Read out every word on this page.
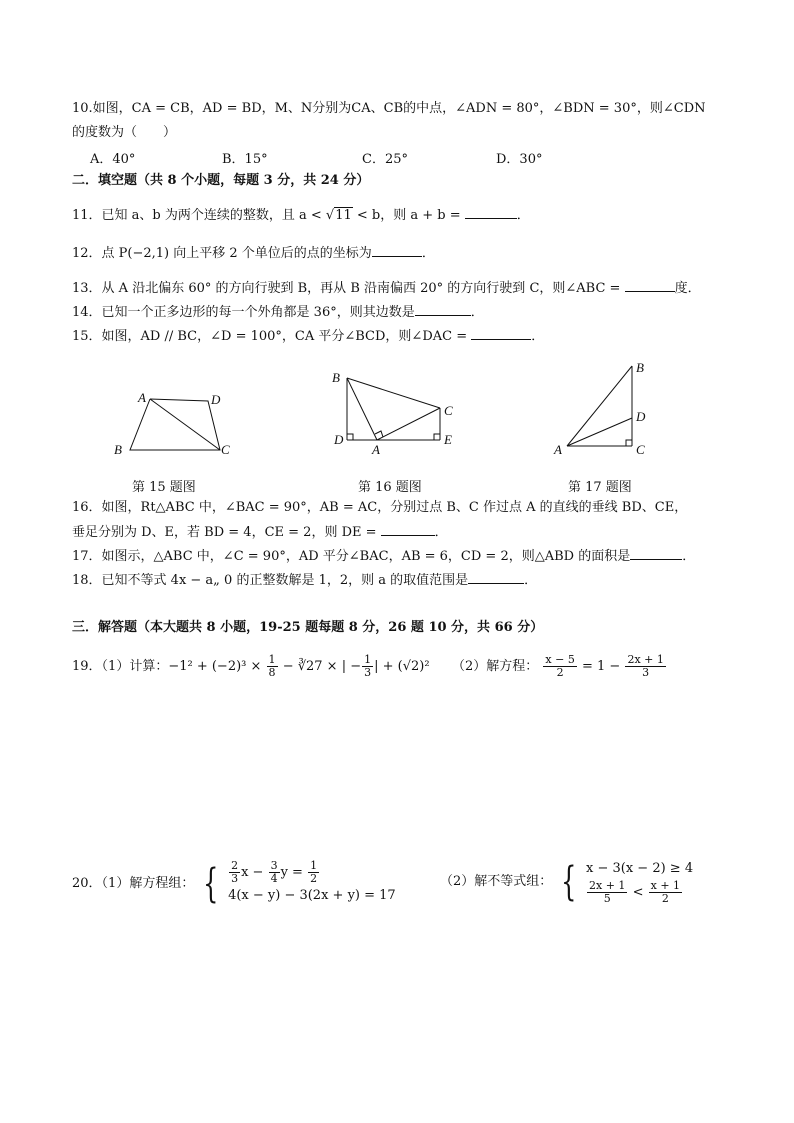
10.如图，CA = CB，AD = BD，M、N分别为CA、CB的中点，∠ADN = 80°，∠BDN = 30°，则∠CDN
的度数为（　　）
A．40°	B．15°	C．25°	D．30°
二．填空题（共 8 个小题，每题 3 分，共 24 分）
11．已知 a、b 为两个连续的整数，且 a < √11 < b，则 a + b =	．
12．点 P(−2,1) 向上平移 2 个单位后的点的坐标为	．
13．从 A 沿北偏东 60° 的方向行驶到 B，再从 B 沿南偏西 20° 的方向行驶到 C，则∠ABC =	度．
14．已知一个正多边形的每一个外角都是 36°，则其边数是	．
15．如图，AD // BC，∠D = 100°，CA 平分∠BCD，则∠DAC =	．
A	D
B	C
第 15 题图
B
C
D
A
E
第 16 题图
B
D
A	C
第 17 题图
16．如图，Rt△ABC 中，∠BAC = 90°，AB = AC，分别过点 B、C 作过点 A 的直线的垂线 BD、CE，
垂足分别为 D、E，若 BD = 4，CE = 2，则 DE =	．
17．如图示，△ABC 中，∠C = 90°，AD 平分∠BAC，AB = 6，CD = 2，则△ABD 的面积是	．
18．已知不等式 4x − a„ 0 的正整数解是 1，2，则 a 的取值范围是	．
三．解答题（本大题共 8 小题，19-25 题每题 8 分，26 题 10 分，共 66 分）
19．（1）计算：$-1^2 + (-2)^3 \times \frac{1}{8}$ − ∛27 × | − $\frac{1}{3}$ | + (√2)² （2）解方程： $\frac{x - 5}{2} = 1 - \frac{2x + 1}{3}$
20．（1）解方程组： { $\frac{2}{3}$ $x - \frac{3}{4}$ $y = \frac{1}{2}$
4(x − y) − 3(2x + y) = 17
（2）解不等式组： { x − 3(x − 2) ≥ 4
$\frac{2x + 1}{5} < \frac{x + 1}{2}$
